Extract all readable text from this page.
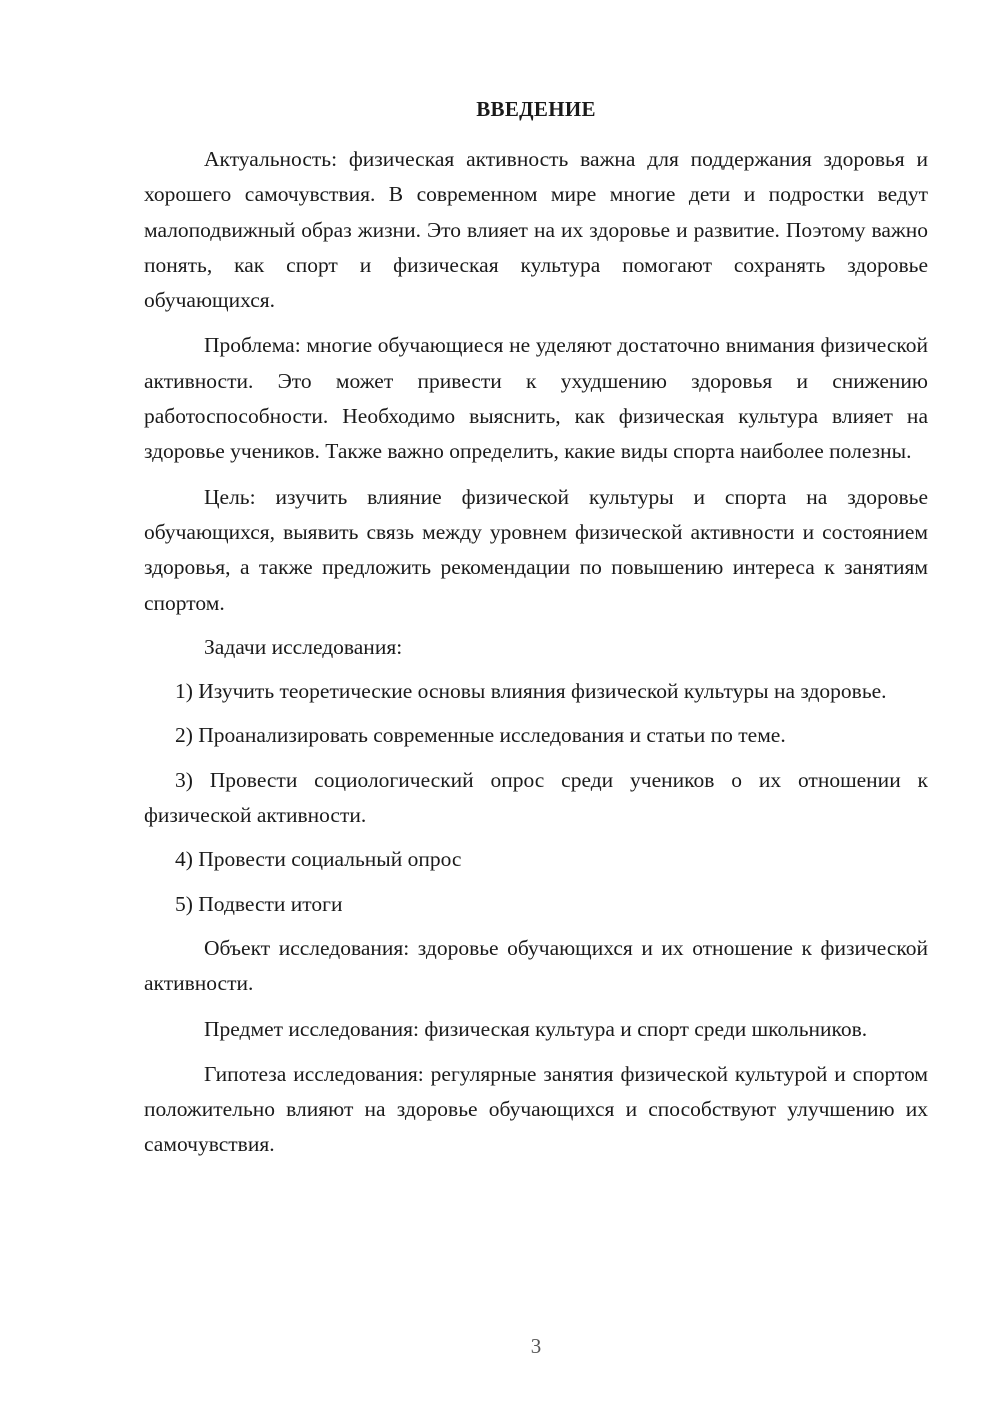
ВВЕДЕНИЕ

Актуальность: физическая активность важна для поддержания здоровья и хорошего самочувствия. В современном мире многие дети и подростки ведут малоподвижный образ жизни. Это влияет на их здоровье и развитие. Поэтому важно понять, как спорт и физическая культура помогают сохранять здоровье обучающихся.

Проблема: многие обучающиеся не уделяют достаточно внимания физической активности. Это может привести к ухудшению здоровья и снижению работоспособности. Необходимо выяснить, как физическая культура влияет на здоровье учеников. Также важно определить, какие виды спорта наиболее полезны.

Цель: изучить влияние физической культуры и спорта на здоровье обучающихся, выявить связь между уровнем физической активности и состоянием здоровья, а также предложить рекомендации по повышению интереса к занятиям спортом.

Задачи исследования:

1) Изучить теоретические основы влияния физической культуры на здоровье.

2) Проанализировать современные исследования и статьи по теме.

3) Провести социологический опрос среди учеников о их отношении к физической активности.

4) Провести социальный опрос

5) Подвести итоги

Объект исследования: здоровье обучающихся и их отношение к физической активности.

Предмет исследования: физическая культура и спорт среди школьников.

Гипотеза исследования: регулярные занятия физической культурой и спортом положительно влияют на здоровье обучающихся и способствуют улучшению их самочувствия.

3
